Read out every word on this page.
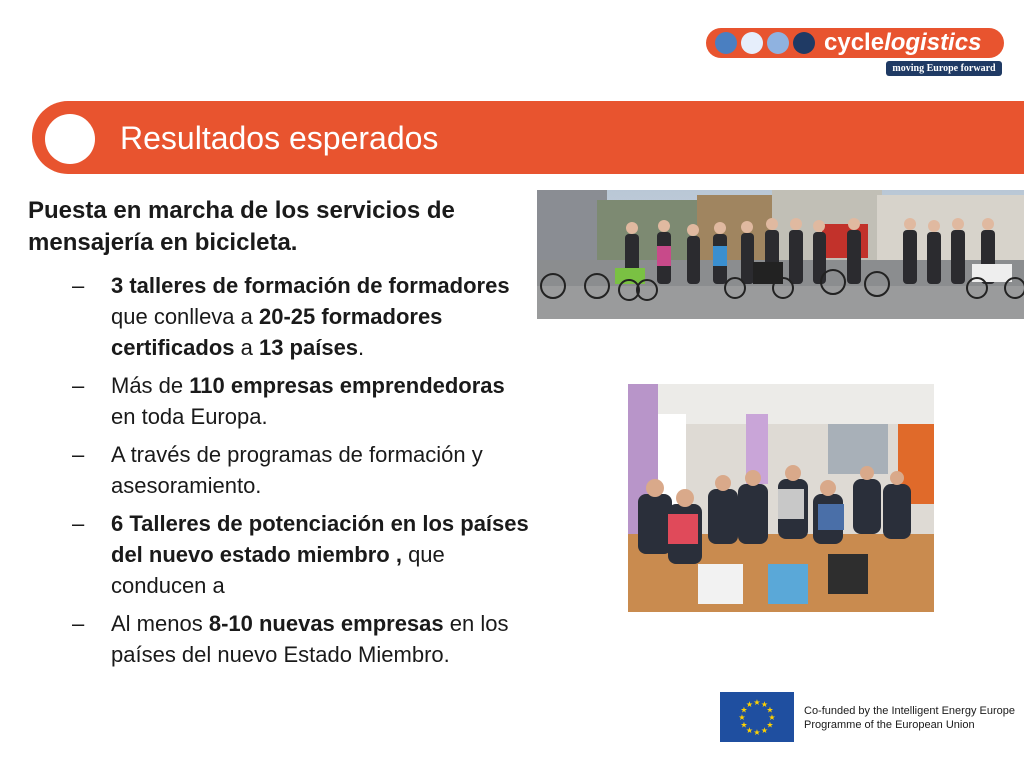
cyclelogistics
moving Europe forward
Resultados esperados
Puesta en marcha de los servicios de mensajería en bicicleta.
– 3 talleres de formación de formadores que conlleva a 20-25 formadores certificados a 13 países.
– Más de 110 empresas emprendedoras en toda Europa.
– A través de programas de formación y asesoramiento.
– 6 Talleres de potenciación en los países del nuevo estado miembro , que conducen a
– Al menos 8-10 nuevas empresas en los países del nuevo Estado Miembro.
★ ★
★
★
★
★
★
★
★
★
★
★
Co-funded by the Intelligent Energy Europe
Programme of the European Union
